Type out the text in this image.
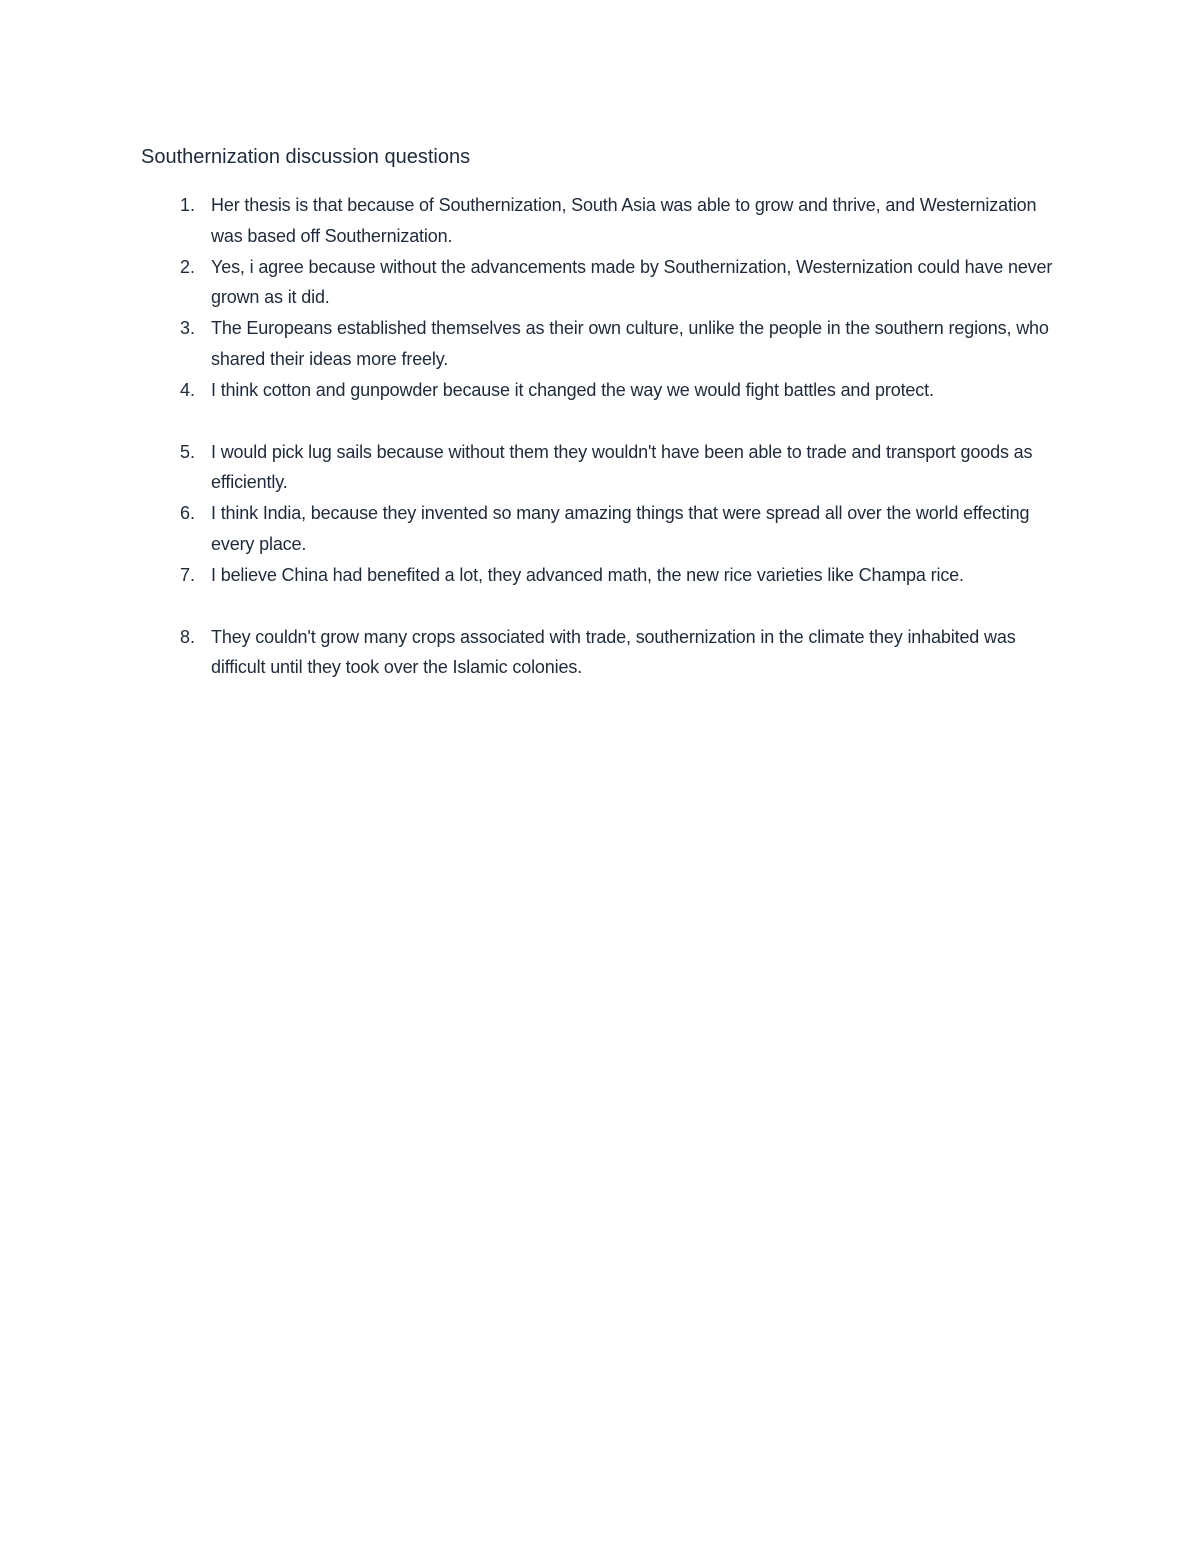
Southernization discussion questions
1. Her thesis is that because of Southernization, South Asia was able to grow and thrive, and Westernization was based off Southernization.
2. Yes, i agree because without the advancements made by Southernization, Westernization could have never grown as it did.
3. The Europeans established themselves as their own culture, unlike the people in the southern regions, who shared their ideas more freely.
4. I think cotton and gunpowder because it changed the way we would fight battles and protect.
5. I would pick lug sails because without them they wouldn't have been able to trade and transport goods as efficiently.
6. I think India, because they invented so many amazing things that were spread all over the world effecting every place.
7. I believe China had benefited a lot, they advanced math, the new rice varieties like Champa rice.
8. They couldn't grow many crops associated with trade, southernization in the climate they inhabited was difficult until they took over the Islamic colonies.
